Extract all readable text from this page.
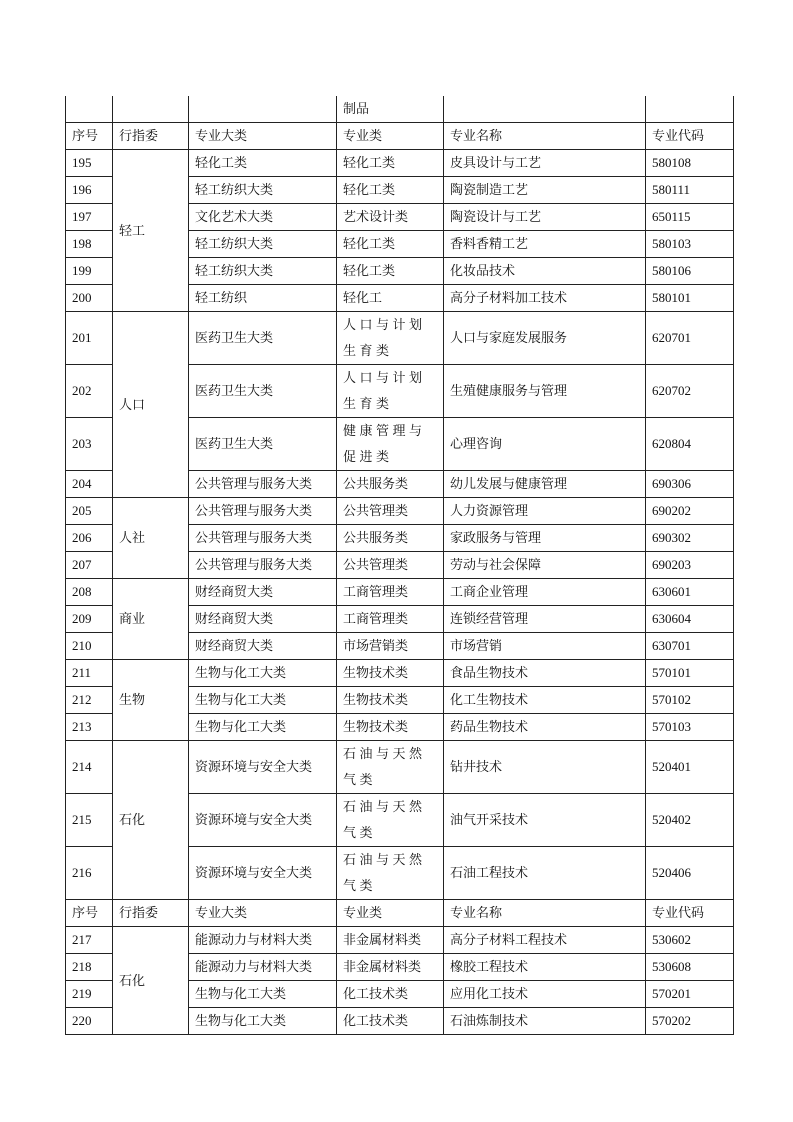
			制品		
序号	行指委	专业大类	专业类	专业名称	专业代码
195	轻工	轻化工类	轻化工类	皮具设计与工艺	580108
196		轻工纺织大类	轻化工类	陶瓷制造工艺	580111
197		文化艺术大类	艺术设计类	陶瓷设计与工艺	650115
198		轻工纺织大类	轻化工类	香料香精工艺	580103
199		轻工纺织大类	轻化工类	化妆品技术	580106
200		轻工纺织	轻化工	高分子材料加工技术	580101
201	人口	医药卫生大类	人口与计划生育类	人口与家庭发展服务	620701
202		医药卫生大类	人口与计划生育类	生殖健康服务与管理	620702
203		医药卫生大类	健康管理与促进类	心理咨询	620804
204		公共管理与服务大类	公共服务类	幼儿发展与健康管理	690306
205	人社	公共管理与服务大类	公共管理类	人力资源管理	690202
206		公共管理与服务大类	公共服务类	家政服务与管理	690302
207		公共管理与服务大类	公共管理类	劳动与社会保障	690203
208	商业	财经商贸大类	工商管理类	工商企业管理	630601
209		财经商贸大类	工商管理类	连锁经营管理	630604
210		财经商贸大类	市场营销类	市场营销	630701
211	生物	生物与化工大类	生物技术类	食品生物技术	570101
212		生物与化工大类	生物技术类	化工生物技术	570102
213		生物与化工大类	生物技术类	药品生物技术	570103
214	石化	资源环境与安全大类	石油与天然气类	钻井技术	520401
215		资源环境与安全大类	石油与天然气类	油气开采技术	520402
216		资源环境与安全大类	石油与天然气类	石油工程技术	520406
序号	行指委	专业大类	专业类	专业名称	专业代码
217	石化	能源动力与材料大类	非金属材料类	高分子材料工程技术	530602
218		能源动力与材料大类	非金属材料类	橡胶工程技术	530608
219		生物与化工大类	化工技术类	应用化工技术	570201
220		生物与化工大类	化工技术类	石油炼制技术	570202
